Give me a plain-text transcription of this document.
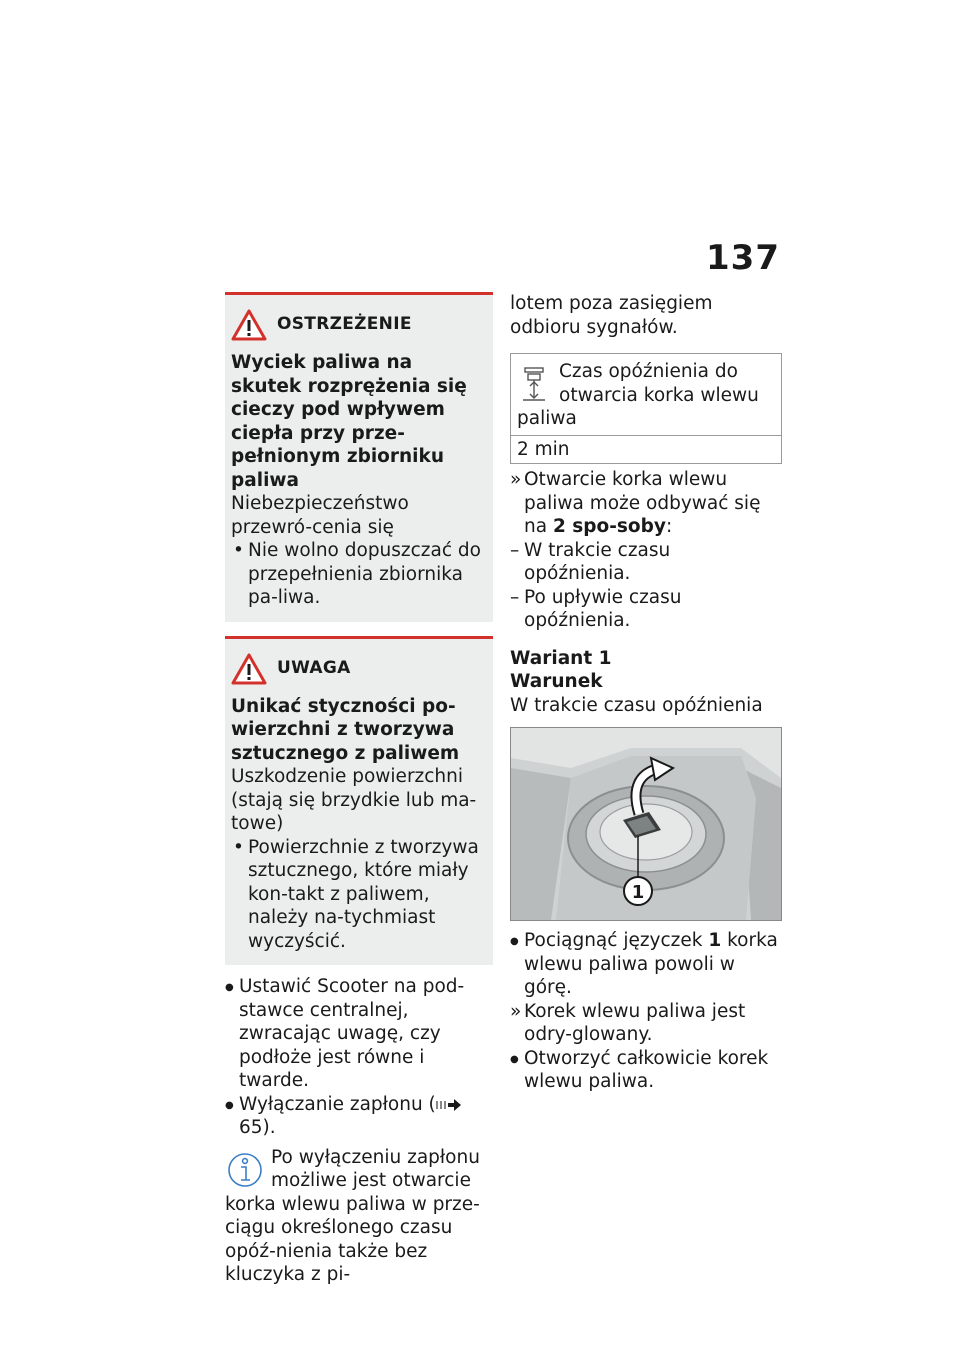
137
OSTRZEŻENIE

Wyciek paliwa na skutek rozprężenia się cieczy pod wpływem ciepła przy prze-pełnionym zbiorniku paliwa

Niebezpieczeństwo przewró-cenia się

• Nie wolno dopuszczać do przepełnienia zbiornika pa-liwa.

UWAGA

Unikać styczności po-wierzchni z tworzywa sztucznego z paliwem

Uszkodzenie powierzchni (stają się brzydkie lub ma-towe)

• Powierzchnie z tworzywa sztucznego, które miały kon-takt z paliwem, należy na-tychmiast wyczyścić.

● Ustawić Scooter na pod-stawce centralnej, zwracając uwagę, czy podłoże jest równe i twarde.

● Wyłączanie zapłonu (65).

Po wyłączeniu zapłonu możliwe jest otwarcie korka wlewu paliwa w prze-ciągu określonego czasu opóź-nienia także bez kluczyka z pi-

lotem poza zasięgiem odbioru sygnałów.

Czas opóźnienia do otwarcia korka wlewu paliwa
2 min

» Otwarcie korka wlewu paliwa może odbywać się na 2 spo-soby:

– W trakcie czasu opóźnienia.

– Po upływie czasu opóźnienia.

Wariant 1

Warunek

W trakcie czasu opóźnienia

1

● Pociągnąć języczek 1 korka wlewu paliwa powoli w górę.

» Korek wlewu paliwa jest odry-glowany.

● Otworzyć całkowicie korek wlewu paliwa.
